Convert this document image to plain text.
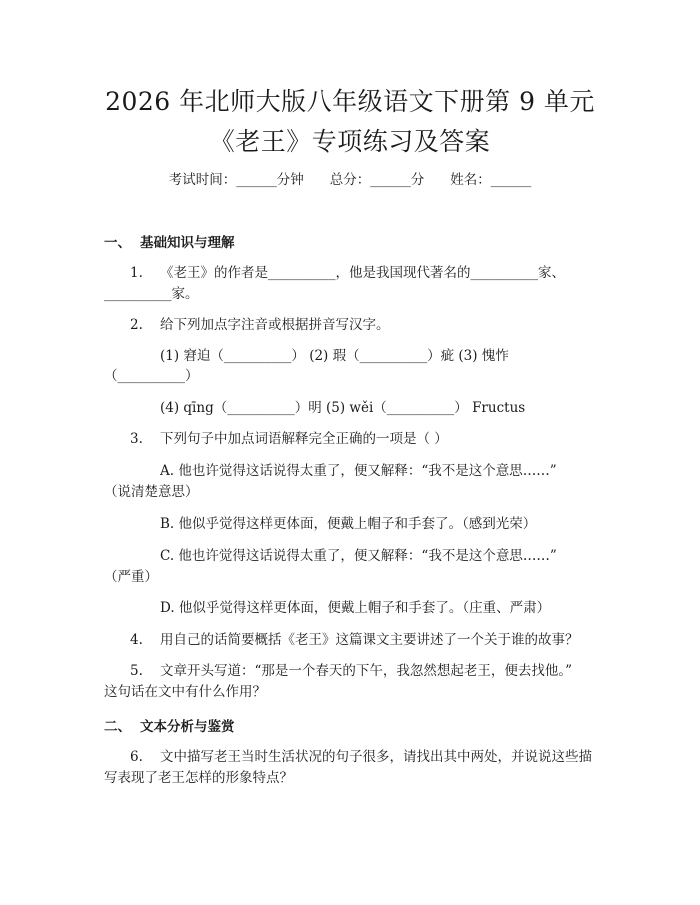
2026 年北师大版八年级语文下册第 9 单元
《老王》专项练习及答案
考试时间：______分钟 总分：______分 姓名：______
一、 基础知识与理解
1. 《老王》的作者是__________，他是我国现代著名的__________家、
__________家。
2. 给下列加点字注音或根据拼音写汉字。
(1) 窘迫（__________） (2) 瑕（__________）疵 (3) 愧怍
（__________）
(4) qīng（__________）明 (5) wěi（__________） Fructus
3. 下列句子中加点词语解释完全正确的一项是（ ）
A. 他也许觉得这话说得太重了，便又解释：“我不是这个意思……”
（说清楚意思）
B. 他似乎觉得这样更体面，便戴上帽子和手套了。（感到光荣）
C. 他也许觉得这话说得太重了，便又解释：“我不是这个意思……”
（严重）
D. 他似乎觉得这样更体面，便戴上帽子和手套了。（庄重、严肃）
4. 用自己的话简要概括《老王》这篇课文主要讲述了一个关于谁的故事？
5. 文章开头写道：“那是一个春天的下午，我忽然想起老王，便去找他。”
这句话在文中有什么作用？
二、 文本分析与鉴赏
6. 文中描写老王当时生活状况的句子很多，请找出其中两处，并说说这些描
写表现了老王怎样的形象特点？
